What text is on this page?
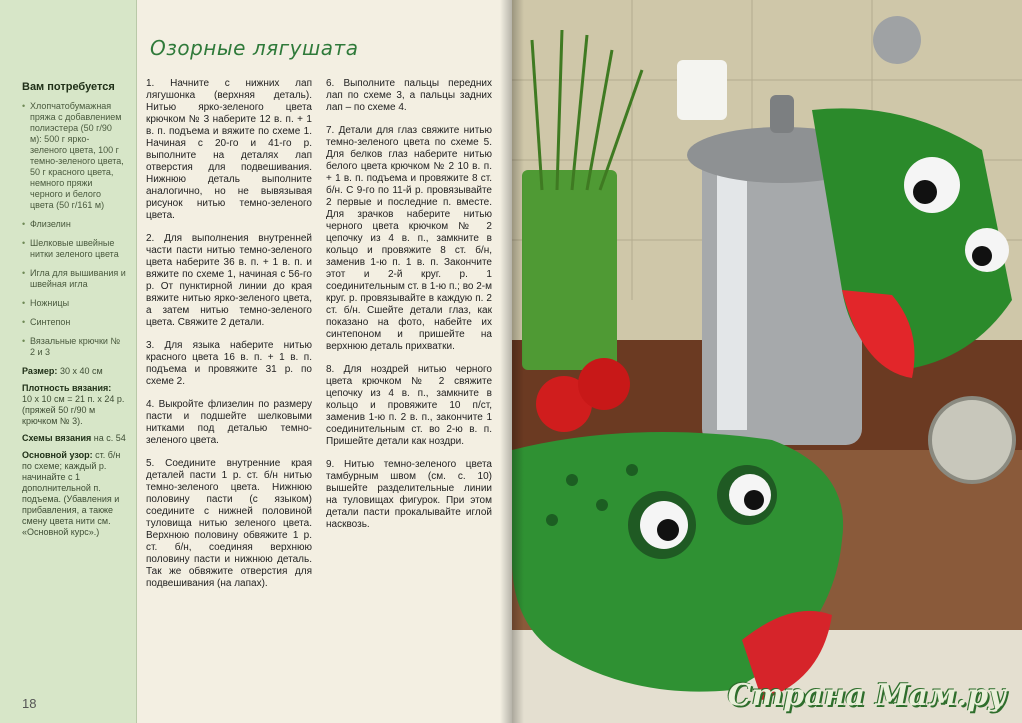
Вам потребуется
• Хлопчатобумажная пряжа с добавлением полиэстера (50 г/90 м): 500 г ярко-зеленого цвета, 100 г темно-зеленого цвета, 50 г красного цвета, немного пряжи черного и белого цвета (50 г/161 м)
• Флизелин
• Шелковые швейные нитки зеленого цвета
• Игла для вышивания и швейная игла
• Ножницы
• Синтепон
• Вязальные крючки № 2 и 3
Размер: 30 x 40 см
Плотность вязания:
10 x 10 см = 21 п. x 24 р. (пряжей 50 г/90 м крючком № 3).
Схемы вязания на с. 54
Основной узор: ст. б/н по схеме; каждый р. начинайте с 1 дополнительной п. подъема. (Убавления и прибавления, а также смену цвета нити см. «Основной курс».)
18
Озорные лягушата

1. Начните с нижних лап лягушонка (верхняя деталь). Нитью ярко-зеленого цвета крючком № 3 наберите 12 в. п. + 1 в. п. подъема и вяжите по схеме 1. Начиная с 20-го и 41-го р. выполните на деталях лап отверстия для подвешивания. Нижнюю деталь выполните аналогично, но не вывязывая рисунок нитью темно-зеленого цвета.

2. Для выполнения внутренней части пасти нитью темно-зеленого цвета наберите 36 в. п. + 1 в. п. и вяжите по схеме 1, начиная с 56-го р. От пунктирной линии до края вяжите нитью ярко-зеленого цвета, а затем нитью темно-зеленого цвета. Свяжите 2 детали.

3. Для языка наберите нитью красного цвета 16 в. п. + 1 в. п. подъема и провяжите 31 р. по схеме 2.

4. Выкройте флизелин по размеру пасти и подшейте шелковыми нитками под деталью темно-зеленого цвета.

5. Соедините внутренние края деталей пасти 1 р. ст. б/н нитью темно-зеленого цвета. Нижнюю половину пасти (с языком) соедините с нижней половиной туловища нитью зеленого цвета. Верхнюю половину обвяжите 1 р. ст. б/н, соединяя верхнюю половину пасти и нижнюю деталь. Так же обвяжите отверстия для подвешивания (на лапах).

6. Выполните пальцы передних лап по схеме 3, а пальцы задних лап – по схеме 4.

7. Детали для глаз свяжите нитью темно-зеленого цвета по схеме 5. Для белков глаз наберите нитью белого цвета крючком № 2 10 в. п. + 1 в. п. подъема и провяжите 8 ст. б/н. С 9-го по 11-й р. провязывайте 2 первые и последние п. вместе. Для зрачков наберите нитью черного цвета крючком № 2 цепочку из 4 в. п., замкните в кольцо и провяжите 8 ст. б/н, заменив 1-ю п. 1 в. п. Закончите этот и 2-й круг. р. 1 соединительным ст. в 1-ю п.; во 2-м круг. р. провязывайте в каждую п. 2 ст. б/н. Сшейте детали глаз, как показано на фото, набейте их синтепоном и пришейте на верхнюю деталь прихватки.

8. Для ноздрей нитью черного цвета крючком № 2 свяжите цепочку из 4 в. п., замкните в кольцо и провяжите 10 п/ст, заменив 1-ю п. 2 в. п., закончите 1 соединительным ст. во 2-ю в. п. Пришейте детали как ноздри.

9. Нитью темно-зеленого цвета тамбурным швом (см. с. 10) вышейте разделительные линии на туловищах фигурок. При этом детали пасти прокалывайте иглой насквозь.

Страна Мам.ру
